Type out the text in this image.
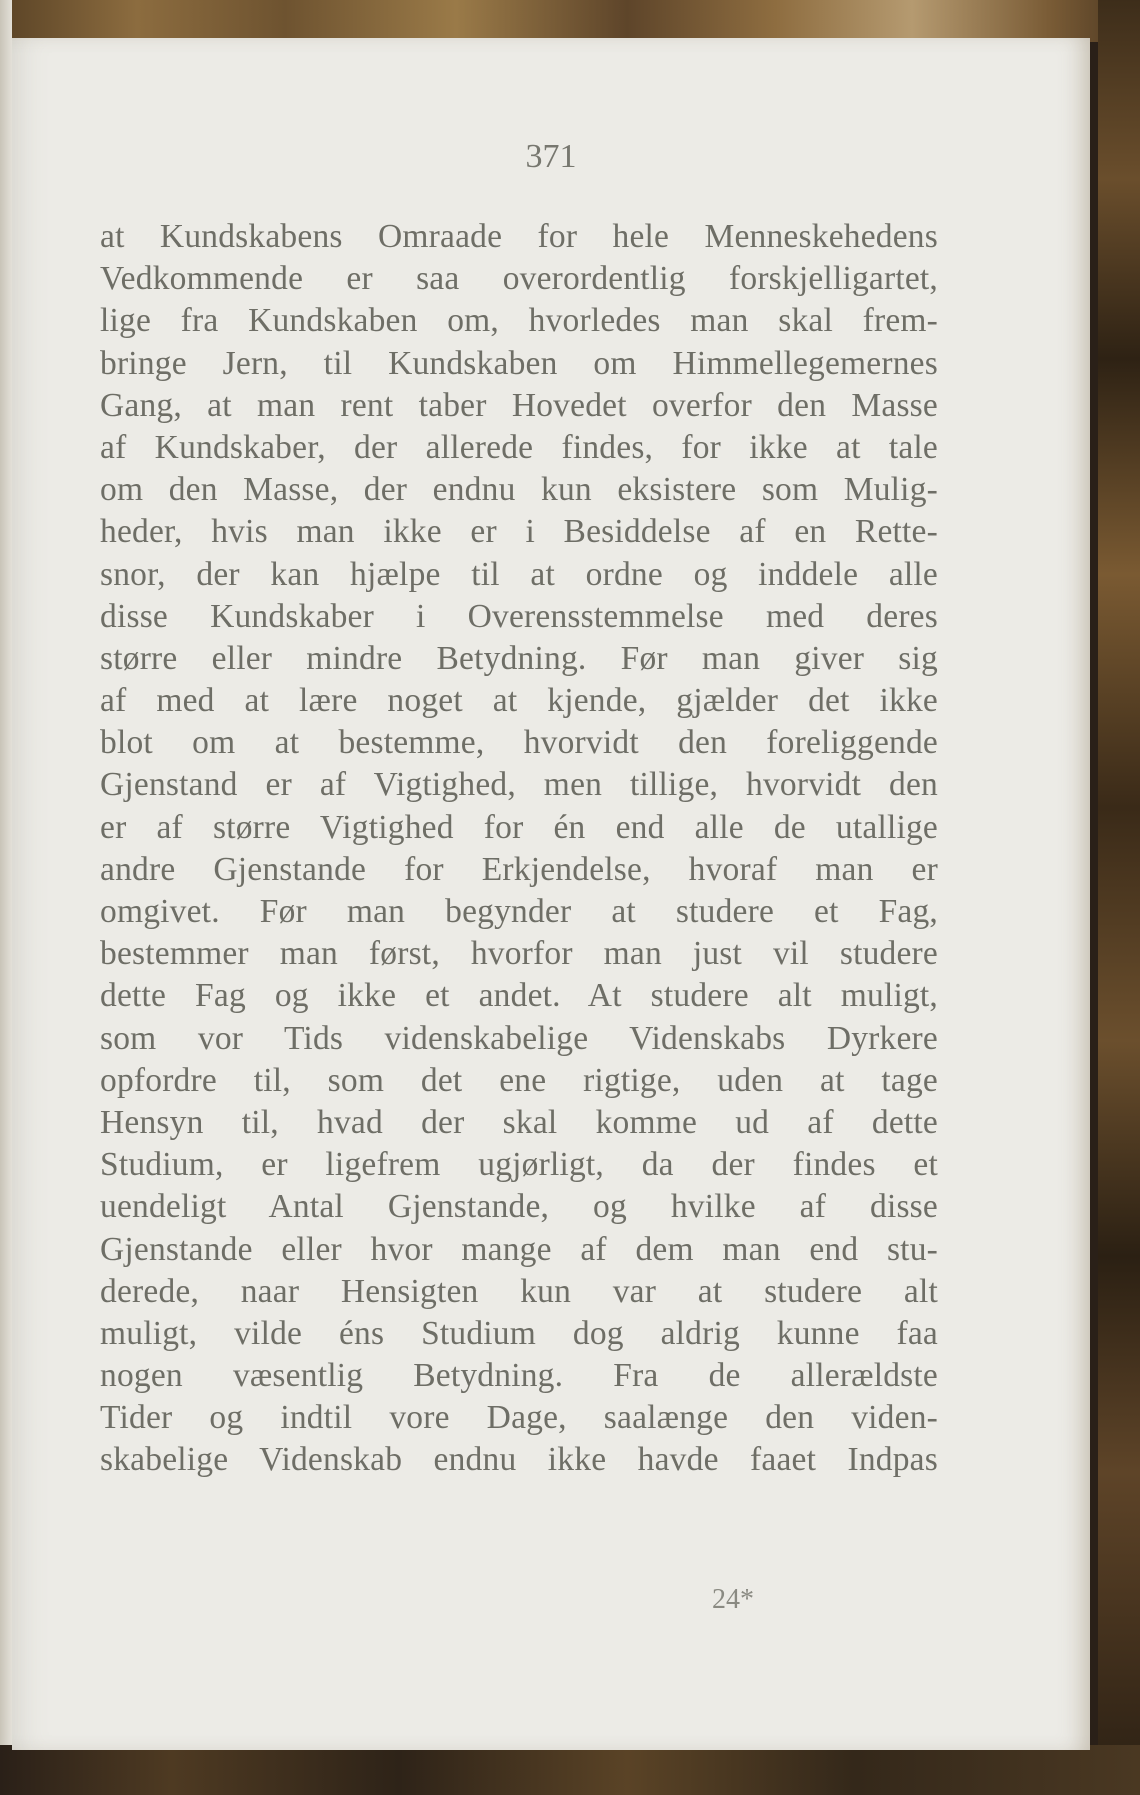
371

at Kundskabens Omraade for hele Menneskehedens
Vedkommende er saa overordentlig forskjelligartet,
lige fra Kundskaben om, hvorledes man skal frem-
bringe Jern, til Kundskaben om Himmellegemernes
Gang, at man rent taber Hovedet overfor den Masse
af Kundskaber, der allerede findes, for ikke at tale
om den Masse, der endnu kun eksistere som Mulig-
heder, hvis man ikke er i Besiddelse af en Rette-
snor, der kan hjælpe til at ordne og inddele alle
disse Kundskaber i Overensstemmelse med deres
større eller mindre Betydning. Før man giver sig
af med at lære noget at kjende, gjælder det ikke
blot om at bestemme, hvorvidt den foreliggende
Gjenstand er af Vigtighed, men tillige, hvorvidt den
er af større Vigtighed for én end alle de utallige
andre Gjenstande for Erkjendelse, hvoraf man er
omgivet. Før man begynder at studere et Fag,
bestemmer man først, hvorfor man just vil studere
dette Fag og ikke et andet. At studere alt muligt,
som vor Tids videnskabelige Videnskabs Dyrkere
opfordre til, som det ene rigtige, uden at tage
Hensyn til, hvad der skal komme ud af dette
Studium, er ligefrem ugjørligt, da der findes et
uendeligt Antal Gjenstande, og hvilke af disse
Gjenstande eller hvor mange af dem man end stu-
derede, naar Hensigten kun var at studere alt
muligt, vilde éns Studium dog aldrig kunne faa
nogen væsentlig Betydning. Fra de allerældste
Tider og indtil vore Dage, saalænge den viden-
skabelige Videnskab endnu ikke havde faaet Indpas

24*
